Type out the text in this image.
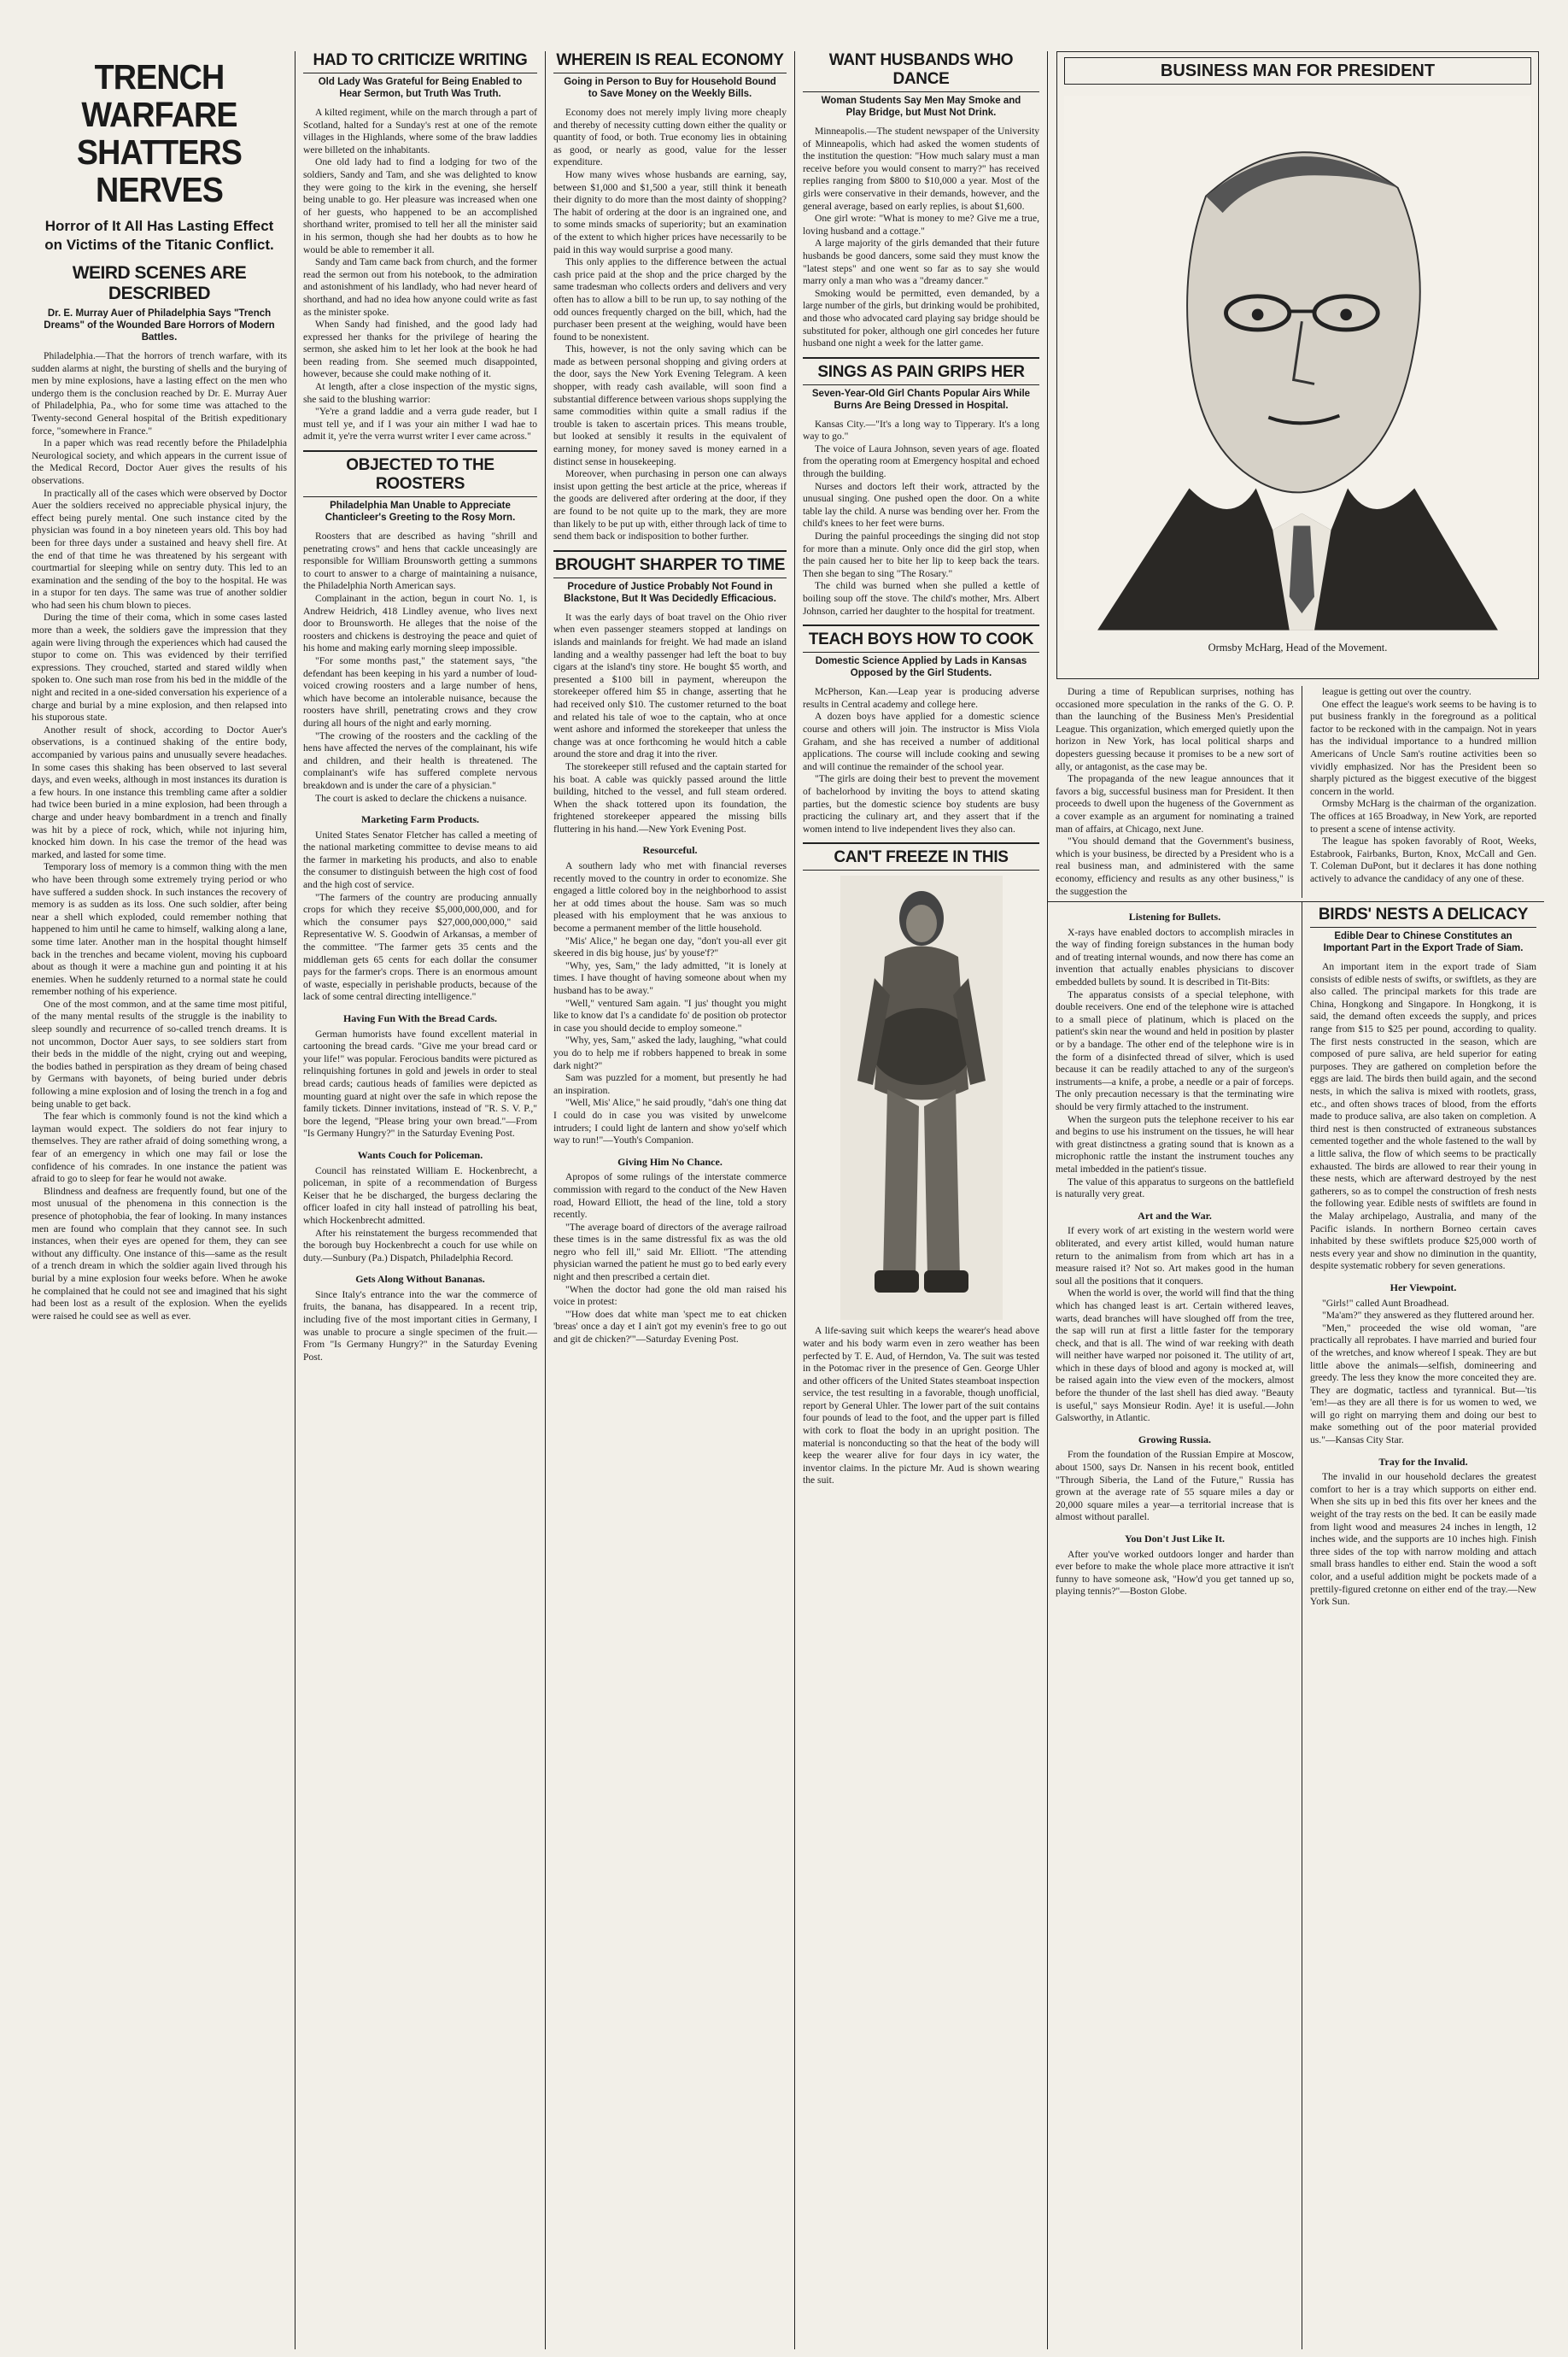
TRENCH WARFARE SHATTERS NERVES
Horror of It All Has Lasting Effect on Victims of the Titanic Conflict.
WEIRD SCENES ARE DESCRIBED
Dr. E. Murray Auer of Philadelphia Says "Trench Dreams" of the Wounded Bare Horrors of Modern Battles.

Philadelphia.—That the horrors of trench warfare, with its sudden alarms at night, the bursting of shells and the burying of men by mine explosions, have a lasting effect on the men who undergo them is the conclusion reached by Dr. E. Murray Auer of Philadelphia, Pa., who for some time was attached to the Twenty-second General hospital of the British expeditionary force, "somewhere in France."

In a paper which was read recently before the Philadelphia Neurological society, and which appears in the current issue of the Medical Record, Doctor Auer gives the results of his observations.

In practically all of the cases which were observed by Doctor Auer the soldiers received no appreciable physical injury, the effect being purely mental. One such instance cited by the physician was found in a boy nineteen years old. This boy had been for three days under a sustained and heavy shell fire. At the end of that time he was threatened by his sergeant with courtmartial for sleeping while on sentry duty. This led to an examination and the sending of the boy to the hospital. He was in a stupor for ten days. The same was true of another soldier who had seen his chum blown to pieces.

During the time of their coma, which in some cases lasted more than a week, the soldiers gave the impression that they again were living through the experiences which had caused the stupor to come on. This was evidenced by their terrified expressions. They crouched, started and stared wildly when spoken to. One such man rose from his bed in the middle of the night and recited in a one-sided conversation his experience of a charge and burial by a mine explosion, and then relapsed into his stuporous state.

Another result of shock, according to Doctor Auer's observations, is a continued shaking of the entire body, accompanied by various pains and unusually severe headaches. In some cases this shaking has been observed to last several days, and even weeks, although in most instances its duration is a few hours. In one instance this trembling came after a soldier had twice been buried in a mine explosion, had been through a charge and under heavy bombardment in a trench and finally was hit by a piece of rock, which, while not injuring him, knocked him down. In his case the tremor of the head was marked, and lasted for some time.

Temporary loss of memory is a common thing with the men who have been through some extremely trying period or who have suffered a sudden shock. In such instances the recovery of memory is as sudden as its loss. One such soldier, after being near a shell which exploded, could remember nothing that happened to him until he came to himself, walking along a lane, some time later. Another man in the hospital thought himself back in the trenches and became violent, moving his cupboard about as though it were a machine gun and pointing it at his enemies. When he suddenly returned to a normal state he could remember nothing of his experience.

One of the most common, and at the same time most pitiful, of the many mental results of the struggle is the inability to sleep soundly and recurrence of so-called trench dreams. It is not uncommon, Doctor Auer says, to see soldiers start from their beds in the middle of the night, crying out and weeping, the bodies bathed in perspiration as they dream of being chased by Germans with bayonets, of being buried under debris following a mine explosion and of losing the trench in a fog and being unable to get back.

The fear which is commonly found is not the kind which a layman would expect. The soldiers do not fear injury to themselves. They are rather afraid of doing something wrong, a fear of an emergency in which one may fail or lose the confidence of his comrades. In one instance the patient was afraid to go to sleep for fear he would not awake.

Blindness and deafness are frequently found, but one of the most unusual of the phenomena in this connection is the presence of photophobia, the fear of looking. In many instances men are found who complain that they cannot see. In such instances, when their eyes are opened for them, they can see without any difficulty. One instance of this—same as the result of a trench dream in which the soldier again lived through his burial by a mine explosion four weeks before. When he awoke he complained that he could not see and imagined that his sight had been lost as a result of the explosion. When the eyelids were raised he could see as well as ever.

HAD TO CRITICIZE WRITING
Old Lady Was Grateful for Being Enabled to Hear Sermon, but Truth Was Truth.

A kilted regiment, while on the march through a part of Scotland, halted for a Sunday's rest at one of the remote villages in the Highlands, where some of the braw laddies were billeted on the inhabitants.

One old lady had to find a lodging for two of the soldiers, Sandy and Tam, and she was delighted to know they were going to the kirk in the evening, she herself being unable to go. Her pleasure was increased when one of her guests, who happened to be an accomplished shorthand writer, promised to tell her all the minister said in his sermon, though she had her doubts as to how he would be able to remember it all.

Sandy and Tam came back from church, and the former read the sermon out from his notebook, to the admiration and astonishment of his landlady, who had never heard of shorthand, and had no idea how anyone could write as fast as the minister spoke.

When Sandy had finished, and the good lady had expressed her thanks for the privilege of hearing the sermon, she asked him to let her look at the book he had been reading from. She seemed much disappointed, however, because she could make nothing of it.

At length, after a close inspection of the mystic signs, she said to the blushing warrior:

"Ye're a grand laddie and a verra gude reader, but I must tell ye, and if I was your ain mither I wad hae to admit it, ye're the verra wurrst writer I ever came across."

OBJECTED TO THE ROOSTERS
Philadelphia Man Unable to Appreciate Chanticleer's Greeting to the Rosy Morn.

Roosters that are described as having "shrill and penetrating crows" and hens that cackle unceasingly are responsible for William Brounsworth getting a summons to court to answer to a charge of maintaining a nuisance, the Philadelphia North American says.

Complainant in the action, begun in court No. 1, is Andrew Heidrich, 418 Lindley avenue, who lives next door to Brounsworth. He alleges that the noise of the roosters and chickens is destroying the peace and quiet of his home and making early morning sleep impossible.

"For some months past," the statement says, "the defendant has been keeping in his yard a number of loud-voiced crowing roosters and a large number of hens, which have become an intolerable nuisance, because the roosters have shrill, penetrating crows and they crow during all hours of the night and early morning.

"The crowing of the roosters and the cackling of the hens have affected the nerves of the complainant, his wife and children, and their health is threatened. The complainant's wife has suffered complete nervous breakdown and is under the care of a physician."

The court is asked to declare the chickens a nuisance.

Marketing Farm Products.

United States Senator Fletcher has called a meeting of the national marketing committee to devise means to aid the farmer in marketing his products, and also to enable the consumer to distinguish between the high cost of food and the high cost of service.

"The farmers of the country are producing annually crops for which they receive $5,000,000,000, and for which the consumer pays $27,000,000,000," said Representative W. S. Goodwin of Arkansas, a member of the committee. "The farmer gets 35 cents and the middleman gets 65 cents for each dollar the consumer pays for the farmer's crops. There is an enormous amount of waste, especially in perishable products, because of the lack of some central directing intelligence."

Having Fun With the Bread Cards.

German humorists have found excellent material in cartooning the bread cards. "Give me your bread card or your life!" was popular. Ferocious bandits were pictured as relinquishing fortunes in gold and jewels in order to steal bread cards; cautious heads of families were depicted as mounting guard at night over the safe in which repose the family tickets. Dinner invitations, instead of "R. S. V. P.," bore the legend, "Please bring your own bread."—From "Is Germany Hungry?" in the Saturday Evening Post.

Wants Couch for Policeman.

Council has reinstated William E. Hockenbrecht, a policeman, in spite of a recommendation of Burgess Keiser that he be discharged, the burgess declaring the officer loafed in city hall instead of patrolling his beat, which Hockenbrecht admitted.

After his reinstatement the burgess recommended that the borough buy Hockenbrecht a couch for use while on duty.—Sunbury (Pa.) Dispatch, Philadelphia Record.

Gets Along Without Bananas.

Since Italy's entrance into the war the commerce of fruits, the banana, has disappeared. In a recent trip, including five of the most important cities in Germany, I was unable to procure a single specimen of the fruit.—From "Is Germany Hungry?" in the Saturday Evening Post.

WHEREIN IS REAL ECONOMY
Going in Person to Buy for Household Bound to Save Money on the Weekly Bills.

Economy does not merely imply living more cheaply and thereby of necessity cutting down either the quality or quantity of food, or both. True economy lies in obtaining as good, or nearly as good, value for the lesser expenditure.

How many wives whose husbands are earning, say, between $1,000 and $1,500 a year, still think it beneath their dignity to do more than the most dainty of shopping? The habit of ordering at the door is an ingrained one, and to some minds smacks of superiority; but an examination of the extent to which higher prices have necessarily to be paid in this way would surprise a good many.

This only applies to the difference between the actual cash price paid at the shop and the price charged by the same tradesman who collects orders and delivers and very often has to allow a bill to be run up, to say nothing of the odd ounces frequently charged on the bill, which, had the purchaser been present at the weighing, would have been found to be nonexistent.

This, however, is not the only saving which can be made as between personal shopping and giving orders at the door, says the New York Evening Telegram. A keen shopper, with ready cash available, will soon find a substantial difference between various shops supplying the same commodities within quite a small radius if the trouble is taken to ascertain prices. This means trouble, but looked at sensibly it results in the equivalent of earning money, for money saved is money earned in a distinct sense in housekeeping.

Moreover, when purchasing in person one can always insist upon getting the best article at the price, whereas if the goods are delivered after ordering at the door, if they are found to be not quite up to the mark, they are more than likely to be put up with, either through lack of time to send them back or indisposition to bother further.

BROUGHT SHARPER TO TIME
Procedure of Justice Probably Not Found in Blackstone, But It Was Decidedly Efficacious.

It was the early days of boat travel on the Ohio river when even passenger steamers stopped at landings on islands and mainlands for freight. We had made an island landing and a wealthy passenger had left the boat to buy cigars at the island's tiny store. He bought $5 worth, and presented a $100 bill in payment, whereupon the storekeeper offered him $5 in change, asserting that he had received only $10. The customer returned to the boat and related his tale of woe to the captain, who at once went ashore and informed the storekeeper that unless the change was at once forthcoming he would hitch a cable around the store and drag it into the river.

The storekeeper still refused and the captain started for his boat. A cable was quickly passed around the little building, hitched to the vessel, and full steam ordered. When the shack tottered upon its foundation, the frightened storekeeper appeared the missing bills fluttering in his hand.—New York Evening Post.

Resourceful.

A southern lady who met with financial reverses recently moved to the country in order to economize. She engaged a little colored boy in the neighborhood to assist her at odd times about the house. Sam was so much pleased with his employment that he was anxious to become a permanent member of the little household.

"Mis' Alice," he began one day, "don't you-all ever git skeered in dis big house, jus' by youse'f?"

"Why, yes, Sam," the lady admitted, "it is lonely at times. I have thought of having someone about when my husband has to be away."

"Well," ventured Sam again. "I jus' thought you might like to know dat I's a candidate fo' de position ob protector in case you should decide to employ someone."

"Why, yes, Sam," asked the lady, laughing, "what could you do to help me if robbers happened to break in some dark night?"

Sam was puzzled for a moment, but presently he had an inspiration.

"Well, Mis' Alice," he said proudly, "dah's one thing dat I could do in case you was visited by unwelcome intruders; I could light de lantern and show yo'self which way to run!"—Youth's Companion.

Giving Him No Chance.

Apropos of some rulings of the interstate commerce commission with regard to the conduct of the New Haven road, Howard Elliott, the head of the line, told a story recently.

"The average board of directors of the average railroad these times is in the same distressful fix as was the old negro who fell ill," said Mr. Elliott. "The attending physician warned the patient he must go to bed early every night and then prescribed a certain diet.

"When the doctor had gone the old man raised his voice in protest:

"'How does dat white man 'spect me to eat chicken 'breas' once a day et I ain't got my evenin's free to go out and git de chicken?'"—Saturday Evening Post.

WANT HUSBANDS WHO DANCE
Woman Students Say Men May Smoke and Play Bridge, but Must Not Drink.

Minneapolis.—The student newspaper of the University of Minneapolis, which had asked the women students of the institution the question: "How much salary must a man receive before you would consent to marry?" has received replies ranging from $800 to $10,000 a year. Most of the girls were conservative in their demands, however, and the general average, based on early replies, is about $1,600.

One girl wrote: "What is money to me? Give me a true, loving husband and a cottage."

A large majority of the girls demanded that their future husbands be good dancers, some said they must know the "latest steps" and one went so far as to say she would marry only a man who was a "dreamy dancer."

Smoking would be permitted, even demanded, by a large number of the girls, but drinking would be prohibited, and those who advocated card playing say bridge should be substituted for poker, although one girl concedes her future husband one night a week for the latter game.

SINGS AS PAIN GRIPS HER
Seven-Year-Old Girl Chants Popular Airs While Burns Are Being Dressed in Hospital.

Kansas City.—"It's a long way to Tipperary. It's a long way to go."

The voice of Laura Johnson, seven years of age. floated from the operating room at Emergency hospital and echoed through the building.

Nurses and doctors left their work, attracted by the unusual singing. One pushed open the door. On a white table lay the child. A nurse was bending over her. From the child's knees to her feet were burns.

During the painful proceedings the singing did not stop for more than a minute. Only once did the girl stop, when the pain caused her to bite her lip to keep back the tears. Then she began to sing "The Rosary."

The child was burned when she pulled a kettle of boiling soup off the stove. The child's mother, Mrs. Albert Johnson, carried her daughter to the hospital for treatment.

TEACH BOYS HOW TO COOK
Domestic Science Applied by Lads in Kansas Opposed by the Girl Students.

McPherson, Kan.—Leap year is producing adverse results in Central academy and college here.

A dozen boys have applied for a domestic science course and others will join. The instructor is Miss Viola Graham, and she has received a number of additional applications. The course will include cooking and sewing and will continue the remainder of the school year.

"The girls are doing their best to prevent the movement of bachelorhood by inviting the boys to attend skating parties, but the domestic science boy students are busy practicing the culinary art, and they assert that if the women intend to live independent lives they also can.

CAN'T FREEZE IN THIS

A life-saving suit which keeps the wearer's head above water and his body warm even in zero weather has been perfected by T. E. Aud, of Herndon, Va. The suit was tested in the Potomac river in the presence of Gen. George Uhler and other officers of the United States steamboat inspection service, the test resulting in a favorable, though unofficial, report by General Uhler. The lower part of the suit contains four pounds of lead to the foot, and the upper part is filled with cork to float the body in an upright position. The material is nonconducting so that the heat of the body will keep the wearer alive for four days in icy water, the inventor claims. In the picture Mr. Aud is shown wearing the suit.

BUSINESS MAN FOR PRESIDENT
Ormsby McHarg, Head of the Movement.

During a time of Republican surprises, nothing has occasioned more speculation in the ranks of the G. O. P. than the launching of the Business Men's Presidential League. This organization, which emerged quietly upon the horizon in New York, has local political sharps and dopesters guessing because it promises to be a new sort of ally, or antagonist, as the case may be.

The propaganda of the new league announces that it favors a big, successful business man for President. It then proceeds to dwell upon the hugeness of the Government as a cover example as an argument for nominating a trained man of affairs, at Chicago, next June.

"You should demand that the Government's business, which is your business, be directed by a President who is a real business man, and administered with the same economy, efficiency and results as any other business," is the suggestion the

league is getting out over the country.

One effect the league's work seems to be having is to put business frankly in the foreground as a political factor to be reckoned with in the campaign. Not in years has the individual importance to a hundred million Americans of Uncle Sam's routine activities been so vividly emphasized. Nor has the President been so sharply pictured as the biggest executive of the biggest concern in the world.

Ormsby McHarg is the chairman of the organization. The offices at 165 Broadway, in New York, are reported to present a scene of intense activity.

The league has spoken favorably of Root, Weeks, Estabrook, Fairbanks, Burton, Knox, McCall and Gen. T. Coleman DuPont, but it declares it has done nothing actively to advance the candidacy of any one of these.

Listening for Bullets.

X-rays have enabled doctors to accomplish miracles in the way of finding foreign substances in the human body and of treating internal wounds, and now there has come an invention that actually enables physicians to discover embedded bullets by sound. It is described in Tit-Bits:

The apparatus consists of a special telephone, with double receivers. One end of the telephone wire is attached to a small piece of platinum, which is placed on the patient's skin near the wound and held in position by plaster or by a bandage. The other end of the telephone wire is in the form of a disinfected thread of silver, which is used because it can be readily attached to any of the surgeon's instruments—a knife, a probe, a needle or a pair of forceps. The only precaution necessary is that the terminating wire should be very firmly attached to the instrument.

When the surgeon puts the telephone receiver to his ear and begins to use his instrument on the tissues, he will hear with great distinctness a grating sound that is known as a microphonic rattle the instant the instrument touches any metal imbedded in the patient's tissue.

The value of this apparatus to surgeons on the battlefield is naturally very great.

Art and the War.

If every work of art existing in the western world were obliterated, and every artist killed, would human nature return to the animalism from from which art has in a measure raised it? Not so. Art makes good in the human soul all the positions that it conquers.

When the world is over, the world will find that the thing which has changed least is art. Certain withered leaves, warts, dead branches will have sloughed off from the tree, the sap will run at first a little faster for the temporary check, and that is all. The wind of war reeking with death will neither have warped nor poisoned it. The utility of art, which in these days of blood and agony is mocked at, will be raised again into the view even of the mockers, almost before the thunder of the last shell has died away. "Beauty is useful," says Monsieur Rodin. Aye! it is useful.—John Galsworthy, in Atlantic.

Growing Russia.

From the foundation of the Russian Empire at Moscow, about 1500, says Dr. Nansen in his recent book, entitled "Through Siberia, the Land of the Future," Russia has grown at the average rate of 55 square miles a day or 20,000 square miles a year—a territorial increase that is almost without parallel.

You Don't Just Like It.

After you've worked outdoors longer and harder than ever before to make the whole place more attractive it isn't funny to have someone ask, "How'd you get tanned up so, playing tennis?"—Boston Globe.

BIRDS' NESTS A DELICACY
Edible Dear to Chinese Constitutes an Important Part in the Export Trade of Siam.

An important item in the export trade of Siam consists of edible nests of swifts, or swiftlets, as they are also called. The principal markets for this trade are China, Hongkong and Singapore. In Hongkong, it is said, the demand often exceeds the supply, and prices range from $15 to $25 per pound, according to quality. The first nests constructed in the season, which are composed of pure saliva, are held superior for eating purposes. They are gathered on completion before the eggs are laid. The birds then build again, and the second nests, in which the saliva is mixed with rootlets, grass, etc., and often shows traces of blood, from the efforts made to produce saliva, are also taken on completion. A third nest is then constructed of extraneous substances cemented together and the whole fastened to the wall by a little saliva, the flow of which seems to be practically exhausted. The birds are allowed to rear their young in these nests, which are afterward destroyed by the nest gatherers, so as to compel the construction of fresh nests the following year. Edible nests of swiftlets are found in the Malay archipelago, Australia, and many of the Pacific islands. In northern Borneo certain caves inhabited by these swiftlets produce $25,000 worth of nests every year and show no diminution in the quantity, despite systematic robbery for seven generations.

Her Viewpoint.

"Girls!" called Aunt Broadhead.

"Ma'am?" they answered as they fluttered around her.

"Men," proceeded the wise old woman, "are practically all reprobates. I have married and buried four of the wretches, and know whereof I speak. They are but little above the animals—selfish, domineering and greedy. The less they know the more conceited they are. They are dogmatic, tactless and tyrannical. But—'tis 'em!—as they are all there is for us women to wed, we will go right on marrying them and doing our best to make something out of the poor material provided us."—Kansas City Star.

Tray for the Invalid.

The invalid in our household declares the greatest comfort to her is a tray which supports on either end. When she sits up in bed this fits over her knees and the weight of the tray rests on the bed. It can be easily made from light wood and measures 24 inches in length, 12 inches wide, and the supports are 10 inches high. Finish three sides of the top with narrow molding and attach small brass handles to either end. Stain the wood a soft color, and a useful addition might be pockets made of a prettily-figured cretonne on either end of the tray.—New York Sun.
